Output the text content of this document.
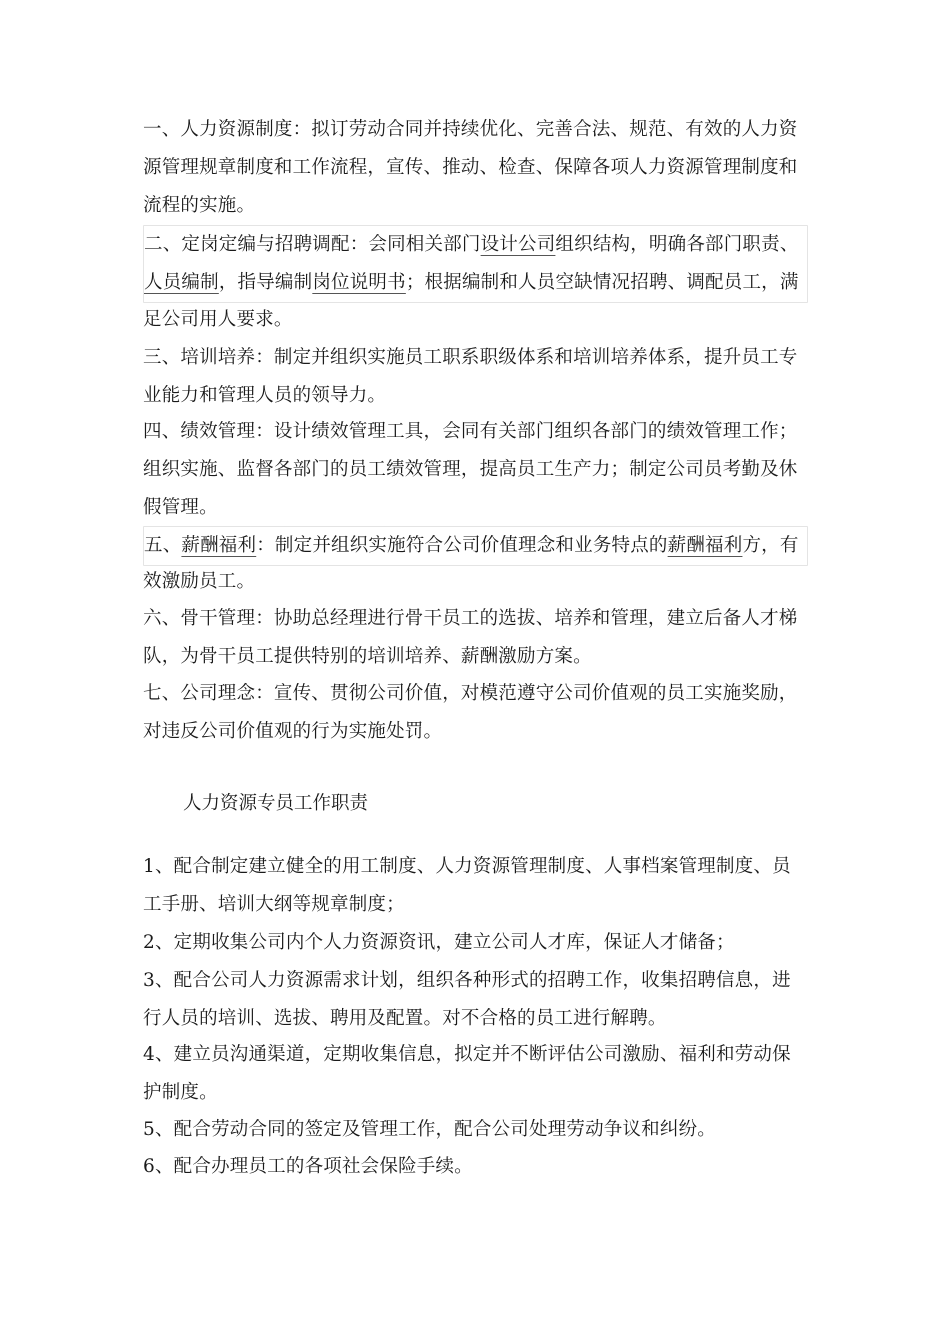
一、人力资源制度：拟订劳动合同并持续优化、完善合法、规范、有效的人力资
源管理规章制度和工作流程，宣传、推动、检查、保障各项人力资源管理制度和
流程的实施。

二、定岗定编与招聘调配：会同相关部门设计公司组织结构，明确各部门职责、
人员编制，指导编制岗位说明书；根据编制和人员空缺情况招聘、调配员工，满

足公司用人要求。

三、培训培养：制定并组织实施员工职系职级体系和培训培养体系，提升员工专
业能力和管理人员的领导力。

四、绩效管理：设计绩效管理工具，会同有关部门组织各部门的绩效管理工作；
组织实施、监督各部门的员工绩效管理，提高员工生产力；制定公司员考勤及休
假管理。

五、薪酬福利：制定并组织实施符合公司价值理念和业务特点的薪酬福利方，有

效激励员工。

六、骨干管理：协助总经理进行骨干员工的选拔、培养和管理，建立后备人才梯
队，为骨干员工提供特别的培训培养、薪酬激励方案。

七、公司理念：宣传、贯彻公司价值，对模范遵守公司价值观的员工实施奖励，
对违反公司价值观的行为实施处罚。

人力资源专员工作职责

1、配合制定建立健全的用工制度、人力资源管理制度、人事档案管理制度、员
工手册、培训大纲等规章制度；

2、定期收集公司内个人力资源资讯，建立公司人才库，保证人才储备；

3、配合公司人力资源需求计划，组织各种形式的招聘工作，收集招聘信息，进
行人员的培训、选拔、聘用及配置。对不合格的员工进行解聘。

4、建立员沟通渠道，定期收集信息，拟定并不断评估公司激励、福利和劳动保
护制度。

5、配合劳动合同的签定及管理工作，配合公司处理劳动争议和纠纷。

6、配合办理员工的各项社会保险手续。
